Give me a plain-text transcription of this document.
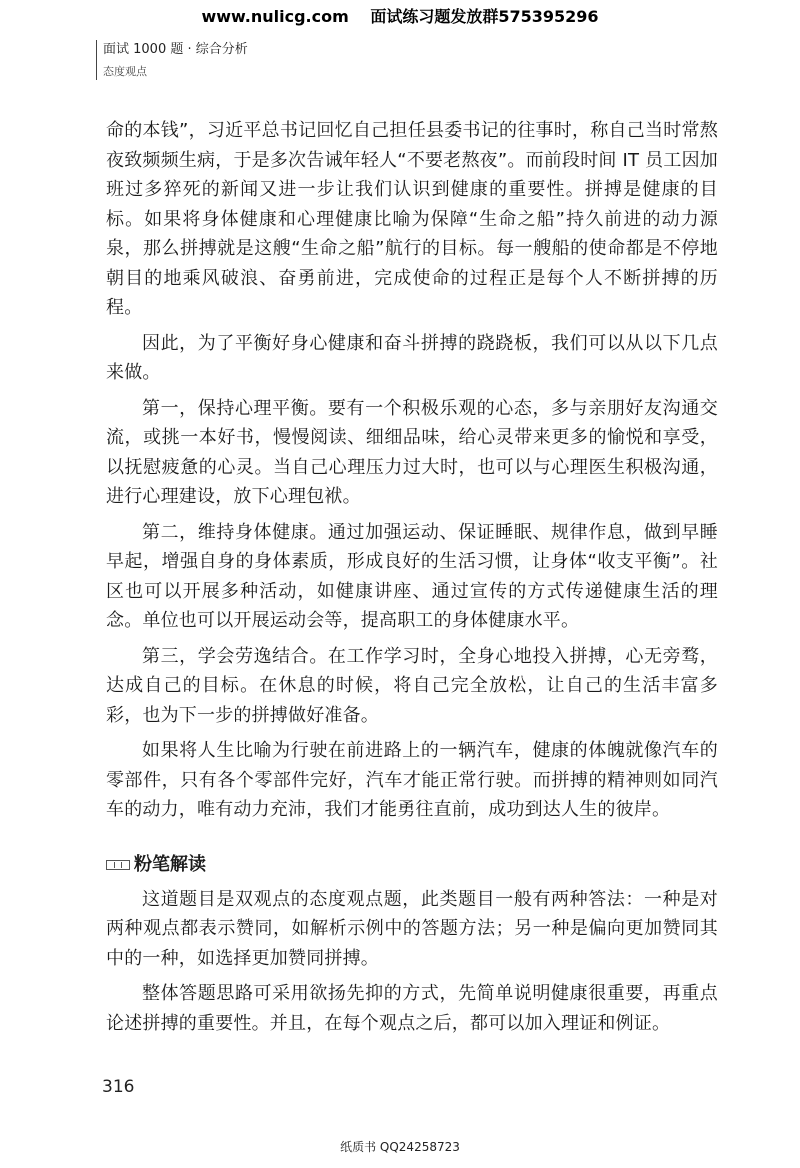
www.nulicg.com 面试练习题发放群575395296
面试 1000 题 · 综合分析
态度观点

命的本钱”，习近平总书记回忆自己担任县委书记的往事时，称自己当时常熬夜致频频生病，于是多次告诫年轻人“不要老熬夜”。而前段时间 IT 员工因加班过多猝死的新闻又进一步让我们认识到健康的重要性。拼搏是健康的目标。如果将身体健康和心理健康比喻为保障“生命之船”持久前进的动力源泉，那么拼搏就是这艘“生命之船”航行的目标。每一艘船的使命都是不停地朝目的地乘风破浪、奋勇前进，完成使命的过程正是每个人不断拼搏的历程。

因此，为了平衡好身心健康和奋斗拼搏的跷跷板，我们可以从以下几点来做。

第一，保持心理平衡。要有一个积极乐观的心态，多与亲朋好友沟通交流，或挑一本好书，慢慢阅读、细细品味，给心灵带来更多的愉悦和享受，以抚慰疲惫的心灵。当自己心理压力过大时，也可以与心理医生积极沟通，进行心理建设，放下心理包袱。

第二，维持身体健康。通过加强运动、保证睡眠、规律作息，做到早睡早起，增强自身的身体素质，形成良好的生活习惯，让身体“收支平衡”。社区也可以开展多种活动，如健康讲座、通过宣传的方式传递健康生活的理念。单位也可以开展运动会等，提高职工的身体健康水平。

第三，学会劳逸结合。在工作学习时，全身心地投入拼搏，心无旁骛，达成自己的目标。在休息的时候，将自己完全放松，让自己的生活丰富多彩，也为下一步的拼搏做好准备。

如果将人生比喻为行驶在前进路上的一辆汽车，健康的体魄就像汽车的零部件，只有各个零部件完好，汽车才能正常行驶。而拼搏的精神则如同汽车的动力，唯有动力充沛，我们才能勇往直前，成功到达人生的彼岸。

粉笔解读

这道题目是双观点的态度观点题，此类题目一般有两种答法：一种是对两种观点都表示赞同，如解析示例中的答题方法；另一种是偏向更加赞同其中的一种，如选择更加赞同拼搏。

整体答题思路可采用欲扬先抑的方式，先简单说明健康很重要，再重点论述拼搏的重要性。并且，在每个观点之后，都可以加入理证和例证。

316
纸质书 QQ24258723
